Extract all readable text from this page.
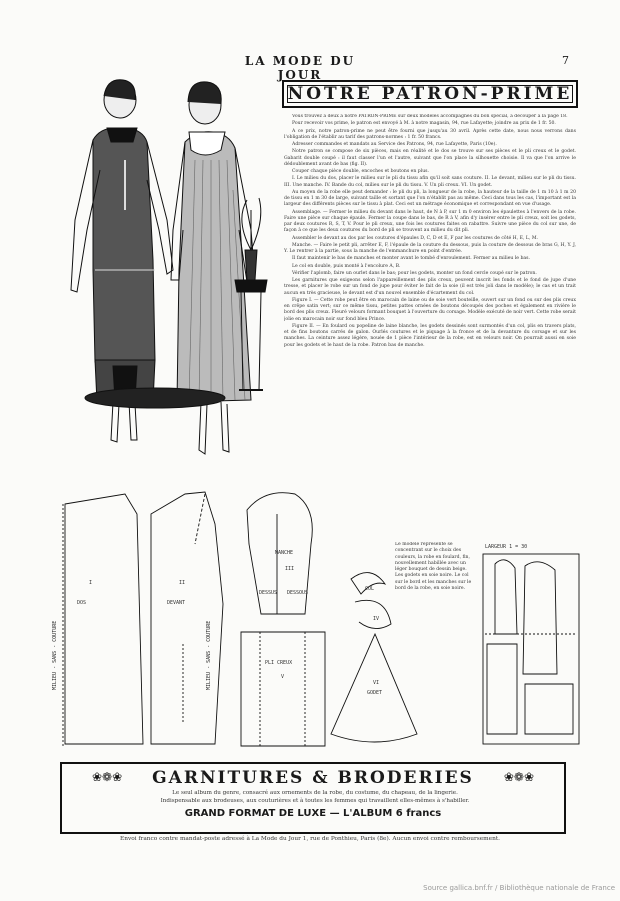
LA MODE DU JOUR
7
NOTRE PATRON-PRIME

Vous trouvez à deux à notre PATRON-PRIME sur deux modèles accompagnés du bon spécial, à découper à la page 18.

Pour recevoir vos prime, le patron est envoyé à M. à notre magasin, 94, rue Lafayette; joindre au prix de 1 fr. 50.

A ce prix, notre patron-prime ne peut être fourni que jusqu'au 30 avril. Après cette date, nous nous verrons dans l'obligation de l'établir au tarif des patrons-normes : 1 fr. 50 francs.

Adresser commandes et mandats au Service des Patrons, 94, rue Lafayette, Paris (10e).

Notre patron se compose de six pièces, mais en réalité et le dos se trouve sur ses pièces et le pli creux et le godet. Gabarit double coupé : il faut classer l'un et l'autre, suivant que l'on place la silhouette choisie. Il va que l'on arrive le dédoublement avant de bas (fig. II).

Couper chaque pièce double, encoches et boutons en plus.

I. Le milieu du dos, placer le milieu sur le pli du tissu afin qu'il soit sans couture. II. Le devant, milieu sur le pli du tissu. III. Une manche. IV. Bande du col, milieu sur le pli du tissu. V. Un pli creux. VI. Un godet.

Au moyen de la robe elle peut demander : le pli du pli, la longueur de la robe, la hauteur de la taille de 1 m 10 à 1 m 20 de tissu en 1 m 30 de large, suivant taille et sortant que l'on n'établit pas au même. Ceci dans tous les cas, l'important est la largeur des différents pièces sur le tissu à plat. Ceci est un métrage économique et correspondant en vue d'usage.

Assemblage. — Fermer le milieu du devant dans le haut, de N à P, sur 1 m 0 environ les épaulettes à l'envers de la robe. Faire une pièce sur chaque épaule. Fermer la coupe dans le bas, de R à V, afin d'y insérer entre le pli creux, soit les godets, par deux coutures R, S, T, V. Pour le pli creux, une fois les coutures faites on rabattre. Suivre une pièce du col sur une, de façon à ce que les deux coutures du bord de pli se trouvent au milieu du dit pli.

Assembler le devant au dos par les coutures d'épaules D, C, D et E, F par les coutures de côté H, E, L, M.

Manche. — Faire le petit pli, arrêter E, F, l'épaule de la couture du dessous, puis la couture de dessous de bras G, H, Y. J, Y. Le rentrer à la partie, sous la manche de l'emmanchure en point d'entrée.

Il faut maintenir le bas de manches et monter avant le tombé d'enroulement. Fermer au milieu le bas.

Le col en double, puis monté à l'encolure A, B.

Vérifier l'aplomb, faire un ourlet dans le bas; pour les godets, monter un fond cercle coupé sur le patron.

Les garnitures que exigeons selon l'appareillement des plis creux, peuvent inscrit les fonds et le fond de jupe d'une tresse, et placer le robe sur un fond de jupe pour éviter le fait de la soie (il est très joli dans le modèle); le cas et un trait aucun en très gracieuse, le devant est d'un nouvel ensemble d'écartement du col.

Figure I. — Cette robe peut être en marocain de laine ou de soie vert bouteille, ouvert sur un fond ou sur des plis creux en crêpe satin vert; sur ce même tissu, petites pattes ornées de boutons découpés des poches et également en rivière le bord des plis creux. Fleuré velours formant bouquet à l'ouverture du corsage. Modèle exécuté de noir vert. Cette robe serait jolie en marocain noir sur fond bleu Prince.

Figure II. — En foulard ou popeline de laine blanche, les godets dessinés sont surmontés d'un col, plis en travers plats, et de fins boutons carrés de galon. Ourlés coutures et le piquage à la fronce et de la devanture du corsage et sur les manches. La ceinture assez légère, nouée de 1 pièce l'intérieur de la robe, est en velours noir. On pourrait aussi en soie pour les godets et le haut de la robe. Patron bas de manche.

Le modèle représenté se concentrant sur le choix des couleurs, la robe en foulard, fin, nouvellement habillée avec un léger bouquet de dessin beige. Les godets en soie noire. Le col sur le bord et les manches sur le bord de la robe, en soie noire.

DOS
I
DEVANT
II
MANCHE
III
DESSUS DESSOUS
PLI CREUX
V
GODET
VI
COL
IV
LARGEUR 1 = 30
MILIEU - SANS - COUTURE	MILIEU - SANS - COUTURE
❀❁❀	❀❁❀
GARNITURES & BRODERIES
Le seul album du genre, consacré aux ornements de la robe, du costume, du chapeau, de la lingerie.
Indispensable aux brodeuses, aux couturières et à toutes les femmes qui travaillent elles-mêmes à s'habiller.
GRAND FORMAT DE LUXE — L'ALBUM 6 francs
Envoi franco contre mandat-poste adressé à La Mode du Jour 1, rue de Ponthieu, Paris (8e). Aucun envoi contre remboursement.
Source gallica.bnf.fr / Bibliothèque nationale de France
